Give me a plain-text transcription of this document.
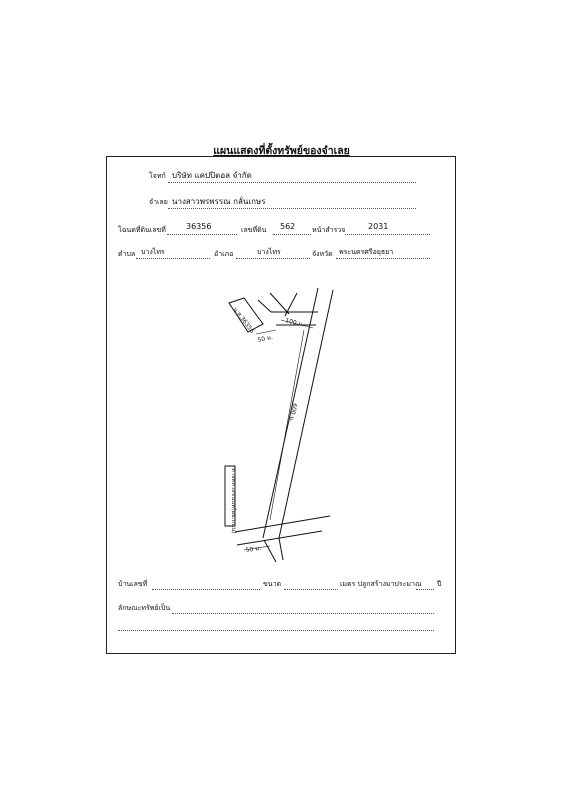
แผนแสดงที่ตั้งทรัพย์ของจำเลย
โจทก์ บริษัท แคปปิตอล จำกัด
จำเลย นางสาวพรพรรณ กลั่นเกษร
โฉนดที่ดินเลขที่	36356	เลขที่ดิน 562 หน้าสำรวจ	2031
ตำบล บางไทร	อำเภอ	บางไทร	จังหวัด พระนครศรีอยุธยา
น.ส.36356
ทางหลวงชนบท(อย.ถนน)
100 ม.
600 ม.
50 ม.
50 ม.
บ้านเลขที่	ขนาด	เมตร ปลูกสร้างมาประมาณ ปี
ลักษณะทรัพย์เป็น
